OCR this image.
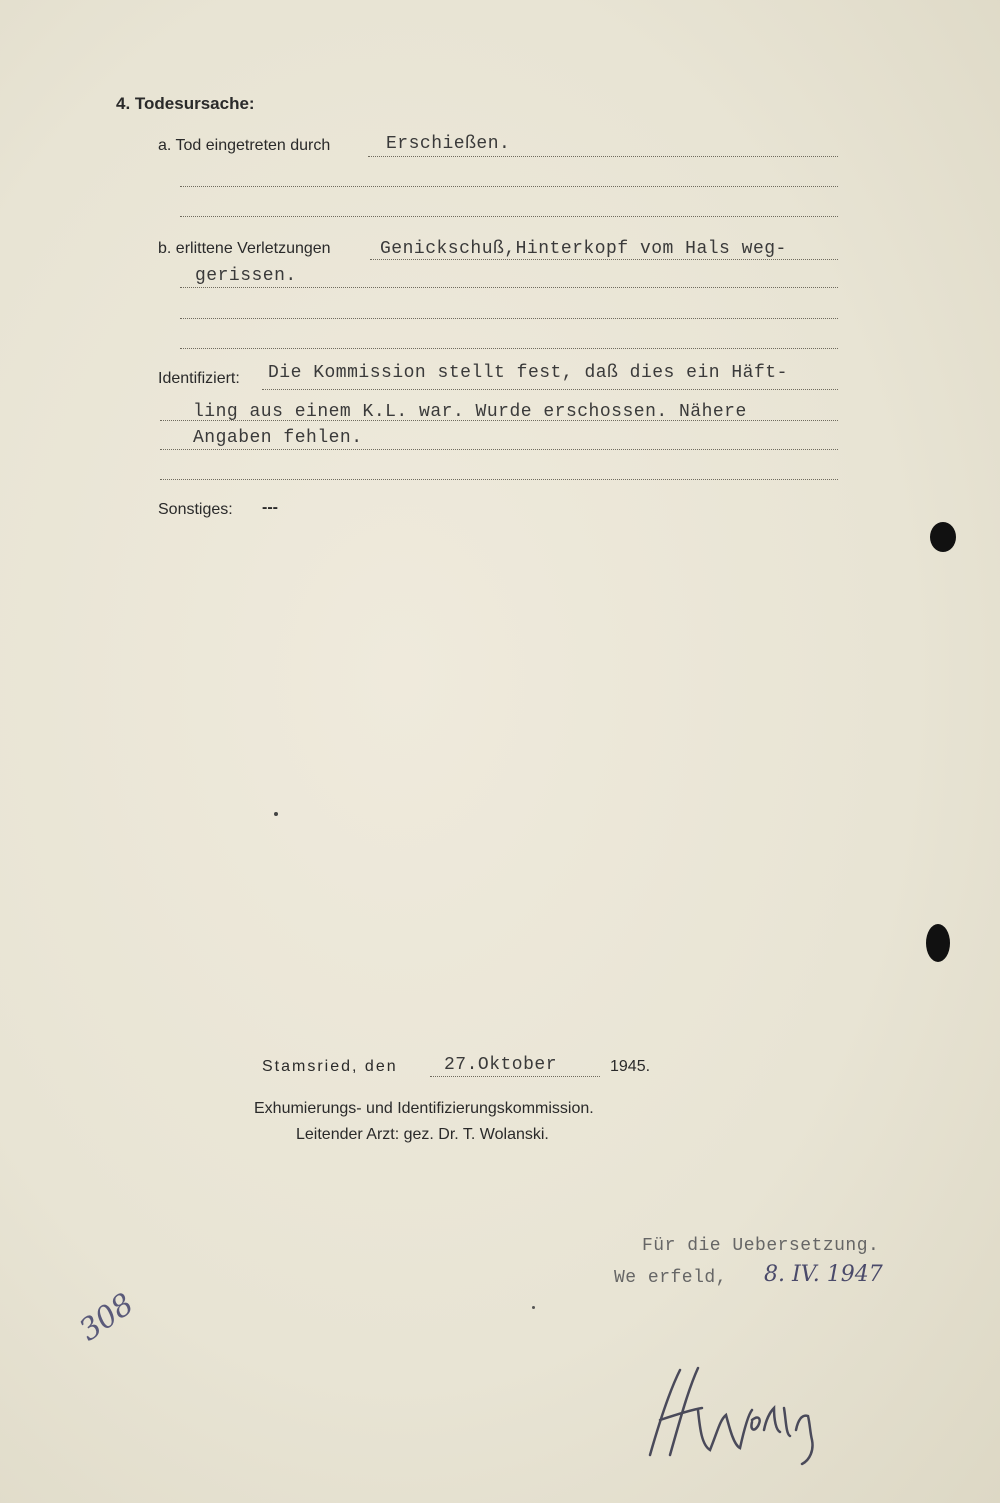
4. Todesursache:
a. Tod eingetreten durch	Erschießen.
b. erlittene Verletzungen	Genickschuß,Hinterkopf vom Hals weg-
gerissen.
Identifiziert: Die Kommission stellt fest, daß dies ein Häft-
ling aus einem K.L. war. Wurde erschossen. Nähere
Angaben fehlen.
Sonstiges: ---
Stamsried, den	27.Oktober	1945.
Exhumierungs- und Identifizierungskommission.
Leitender Arzt: gez. Dr. T. Wolanski.
Für die Uebersetzung.
We erfeld, 8. IV. 1947
308
